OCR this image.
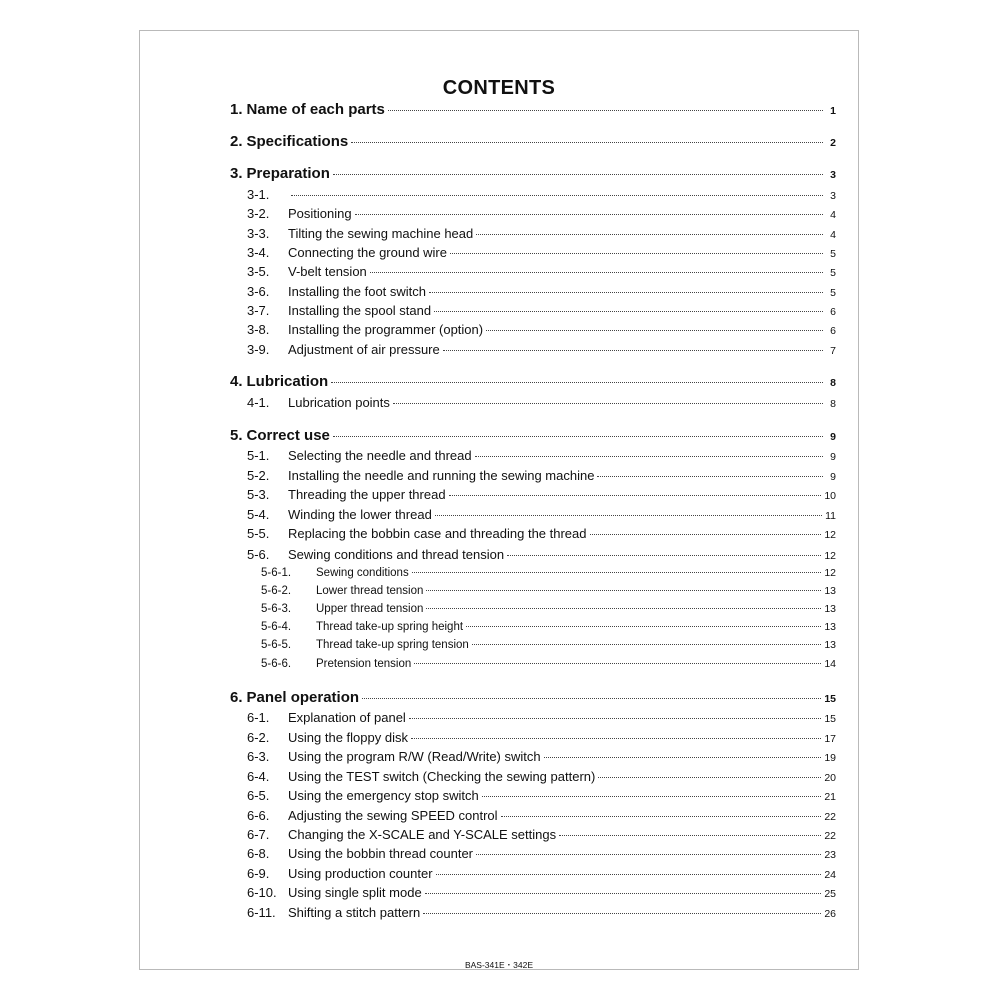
CONTENTS
1. Name of each parts	1
2. Specifications	2
3. Preparation	3
3-1.	3
3-2.	Positioning	4
3-3.	Tilting the sewing machine head	4
3-4.	Connecting the ground wire	5
3-5.	V-belt tension	5
3-6.	Installing the foot switch	5
3-7.	Installing the spool stand	6
3-8.	Installing the programmer (option)	6
3-9.	Adjustment of air pressure	7
4. Lubrication	8
4-1.	Lubrication points	8
5. Correct use	9
5-1.	Selecting the needle and thread	9
5-2.	Installing the needle and running the sewing machine	9
5-3.	Threading the upper thread	10
5-4.	Winding the lower thread	11
5-5.	Replacing the bobbin case and threading the thread	12
5-6.	Sewing conditions and thread tension	12
5-6-1.	Sewing conditions	12
5-6-2.	Lower thread tension	13
5-6-3.	Upper thread tension	13
5-6-4.	Thread take-up spring height	13
5-6-5.	Thread take-up spring tension	13
5-6-6.	Pretension tension	14
6. Panel operation	15
6-1.	Explanation of panel	15
6-2.	Using the floppy disk	17
6-3.	Using the program R/W (Read/Write) switch	19
6-4.	Using the TEST switch (Checking the sewing pattern)	20
6-5.	Using the emergency stop switch	21
6-6.	Adjusting the sewing SPEED control	22
6-7.	Changing the X-SCALE and Y-SCALE settings	22
6-8.	Using the bobbin thread counter	23
6-9.	Using production counter	24
6-10. Using single split mode	25
6-11. Shifting a stitch pattern	26
BAS-341E・342E
